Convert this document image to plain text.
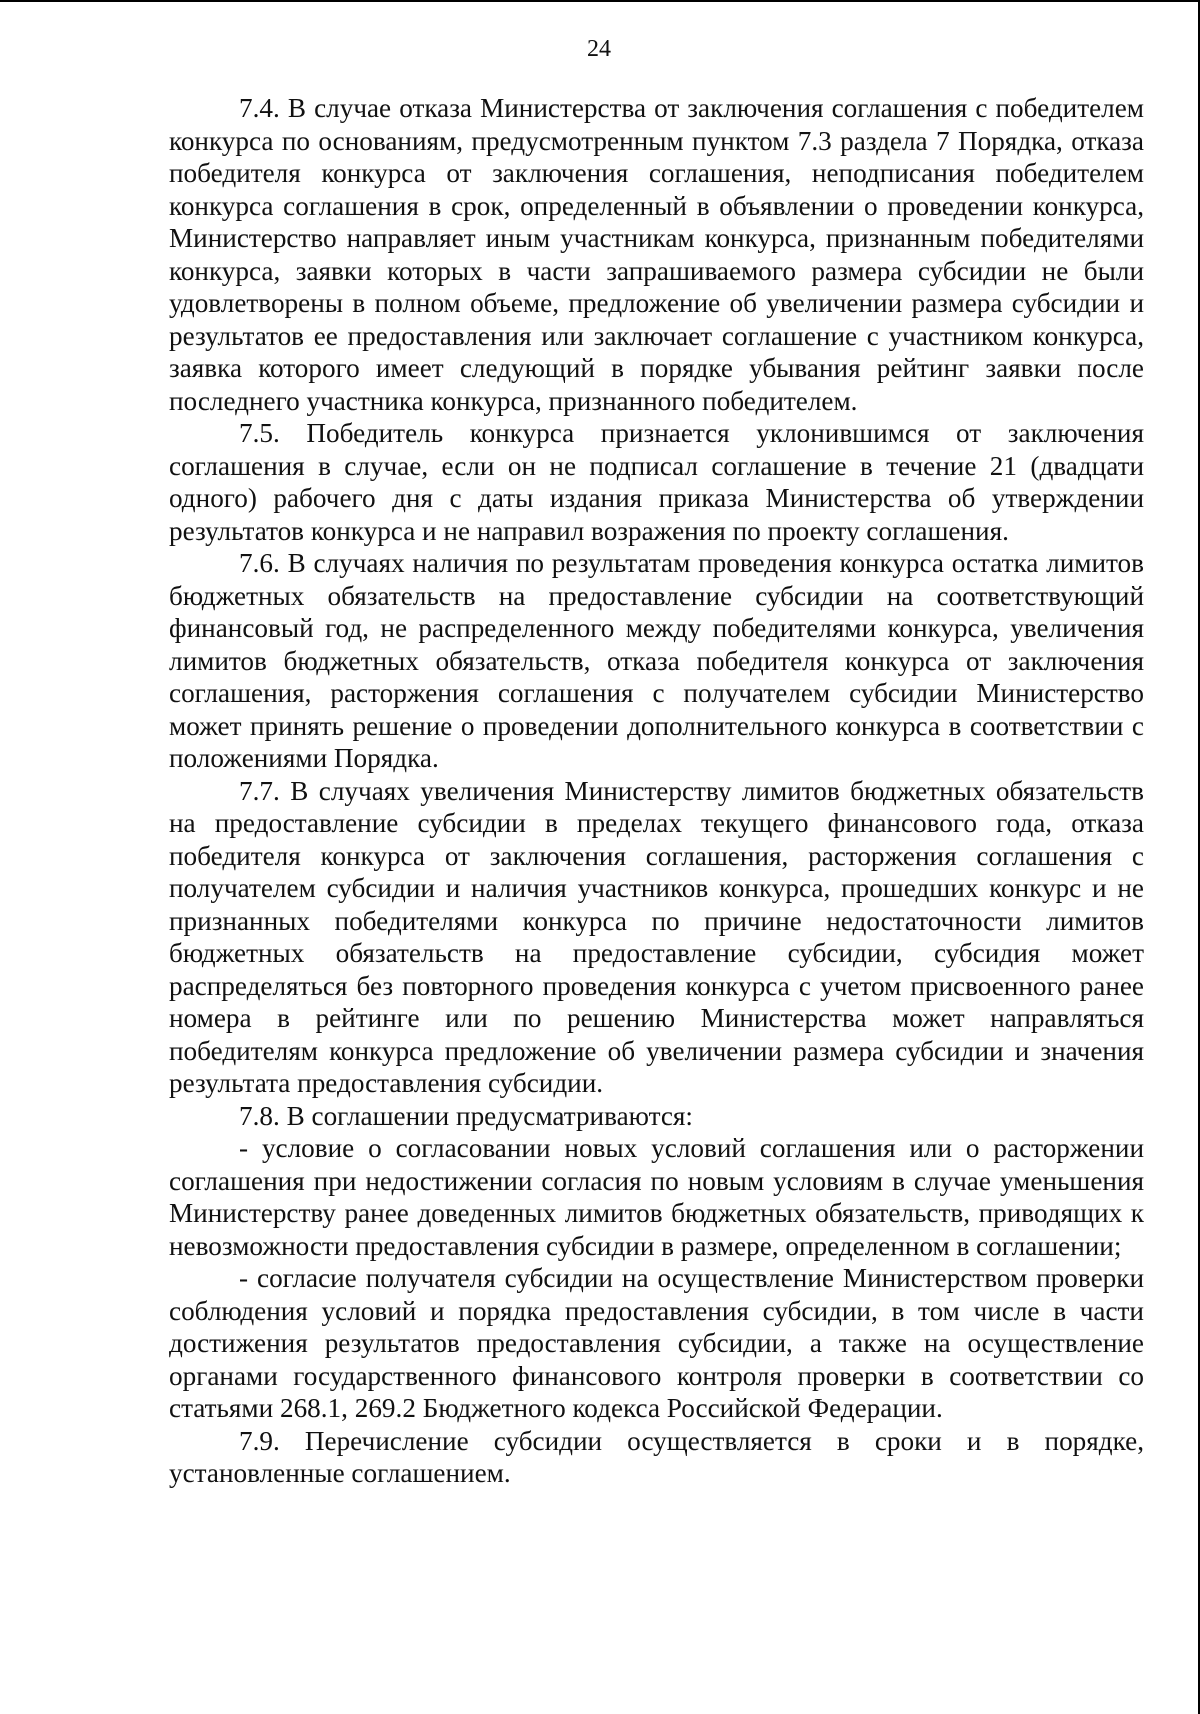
24

7.4. В случае отказа Министерства от заключения соглашения с победителем конкурса по основаниям, предусмотренным пунктом 7.3 раздела 7 Порядка, отказа победителя конкурса от заключения соглашения, неподписания победителем конкурса соглашения в срок, определенный в объявлении о проведении конкурса, Министерство направляет иным участникам конкурса, признанным победителями конкурса, заявки которых в части запрашиваемого размера субсидии не были удовлетворены в полном объеме, предложение об увеличении размера субсидии и результатов ее предоставления или заключает соглашение с участником конкурса, заявка которого имеет следующий в порядке убывания рейтинг заявки после последнего участника конкурса, признанного победителем.

7.5. Победитель конкурса признается уклонившимся от заключения соглашения в случае, если он не подписал соглашение в течение 21 (двадцати одного) рабочего дня с даты издания приказа Министерства об утверждении результатов конкурса и не направил возражения по проекту соглашения.

7.6. В случаях наличия по результатам проведения конкурса остатка лимитов бюджетных обязательств на предоставление субсидии на соответствующий финансовый год, не распределенного между победителями конкурса, увеличения лимитов бюджетных обязательств, отказа победителя конкурса от заключения соглашения, расторжения соглашения с получателем субсидии Министерство может принять решение о проведении дополнительного конкурса в соответствии с положениями Порядка.

7.7. В случаях увеличения Министерству лимитов бюджетных обязательств на предоставление субсидии в пределах текущего финансового года, отказа победителя конкурса от заключения соглашения, расторжения соглашения с получателем субсидии и наличия участников конкурса, прошедших конкурс и не признанных победителями конкурса по причине недостаточности лимитов бюджетных обязательств на предоставление субсидии, субсидия может распределяться без повторного проведения конкурса с учетом присвоенного ранее номера в рейтинге или по решению Министерства может направляться победителям конкурса предложение об увеличении размера субсидии и значения результата предоставления субсидии.

7.8. В соглашении предусматриваются:

- условие о согласовании новых условий соглашения или о расторжении соглашения при недостижении согласия по новым условиям в случае уменьшения Министерству ранее доведенных лимитов бюджетных обязательств, приводящих к невозможности предоставления субсидии в размере, определенном в соглашении;

- согласие получателя субсидии на осуществление Министерством проверки соблюдения условий и порядка предоставления субсидии, в том числе в части достижения результатов предоставления субсидии, а также на осуществление органами государственного финансового контроля проверки в соответствии со статьями 268.1, 269.2 Бюджетного кодекса Российской Федерации.

7.9. Перечисление субсидии осуществляется в сроки и в порядке, установленные соглашением.
